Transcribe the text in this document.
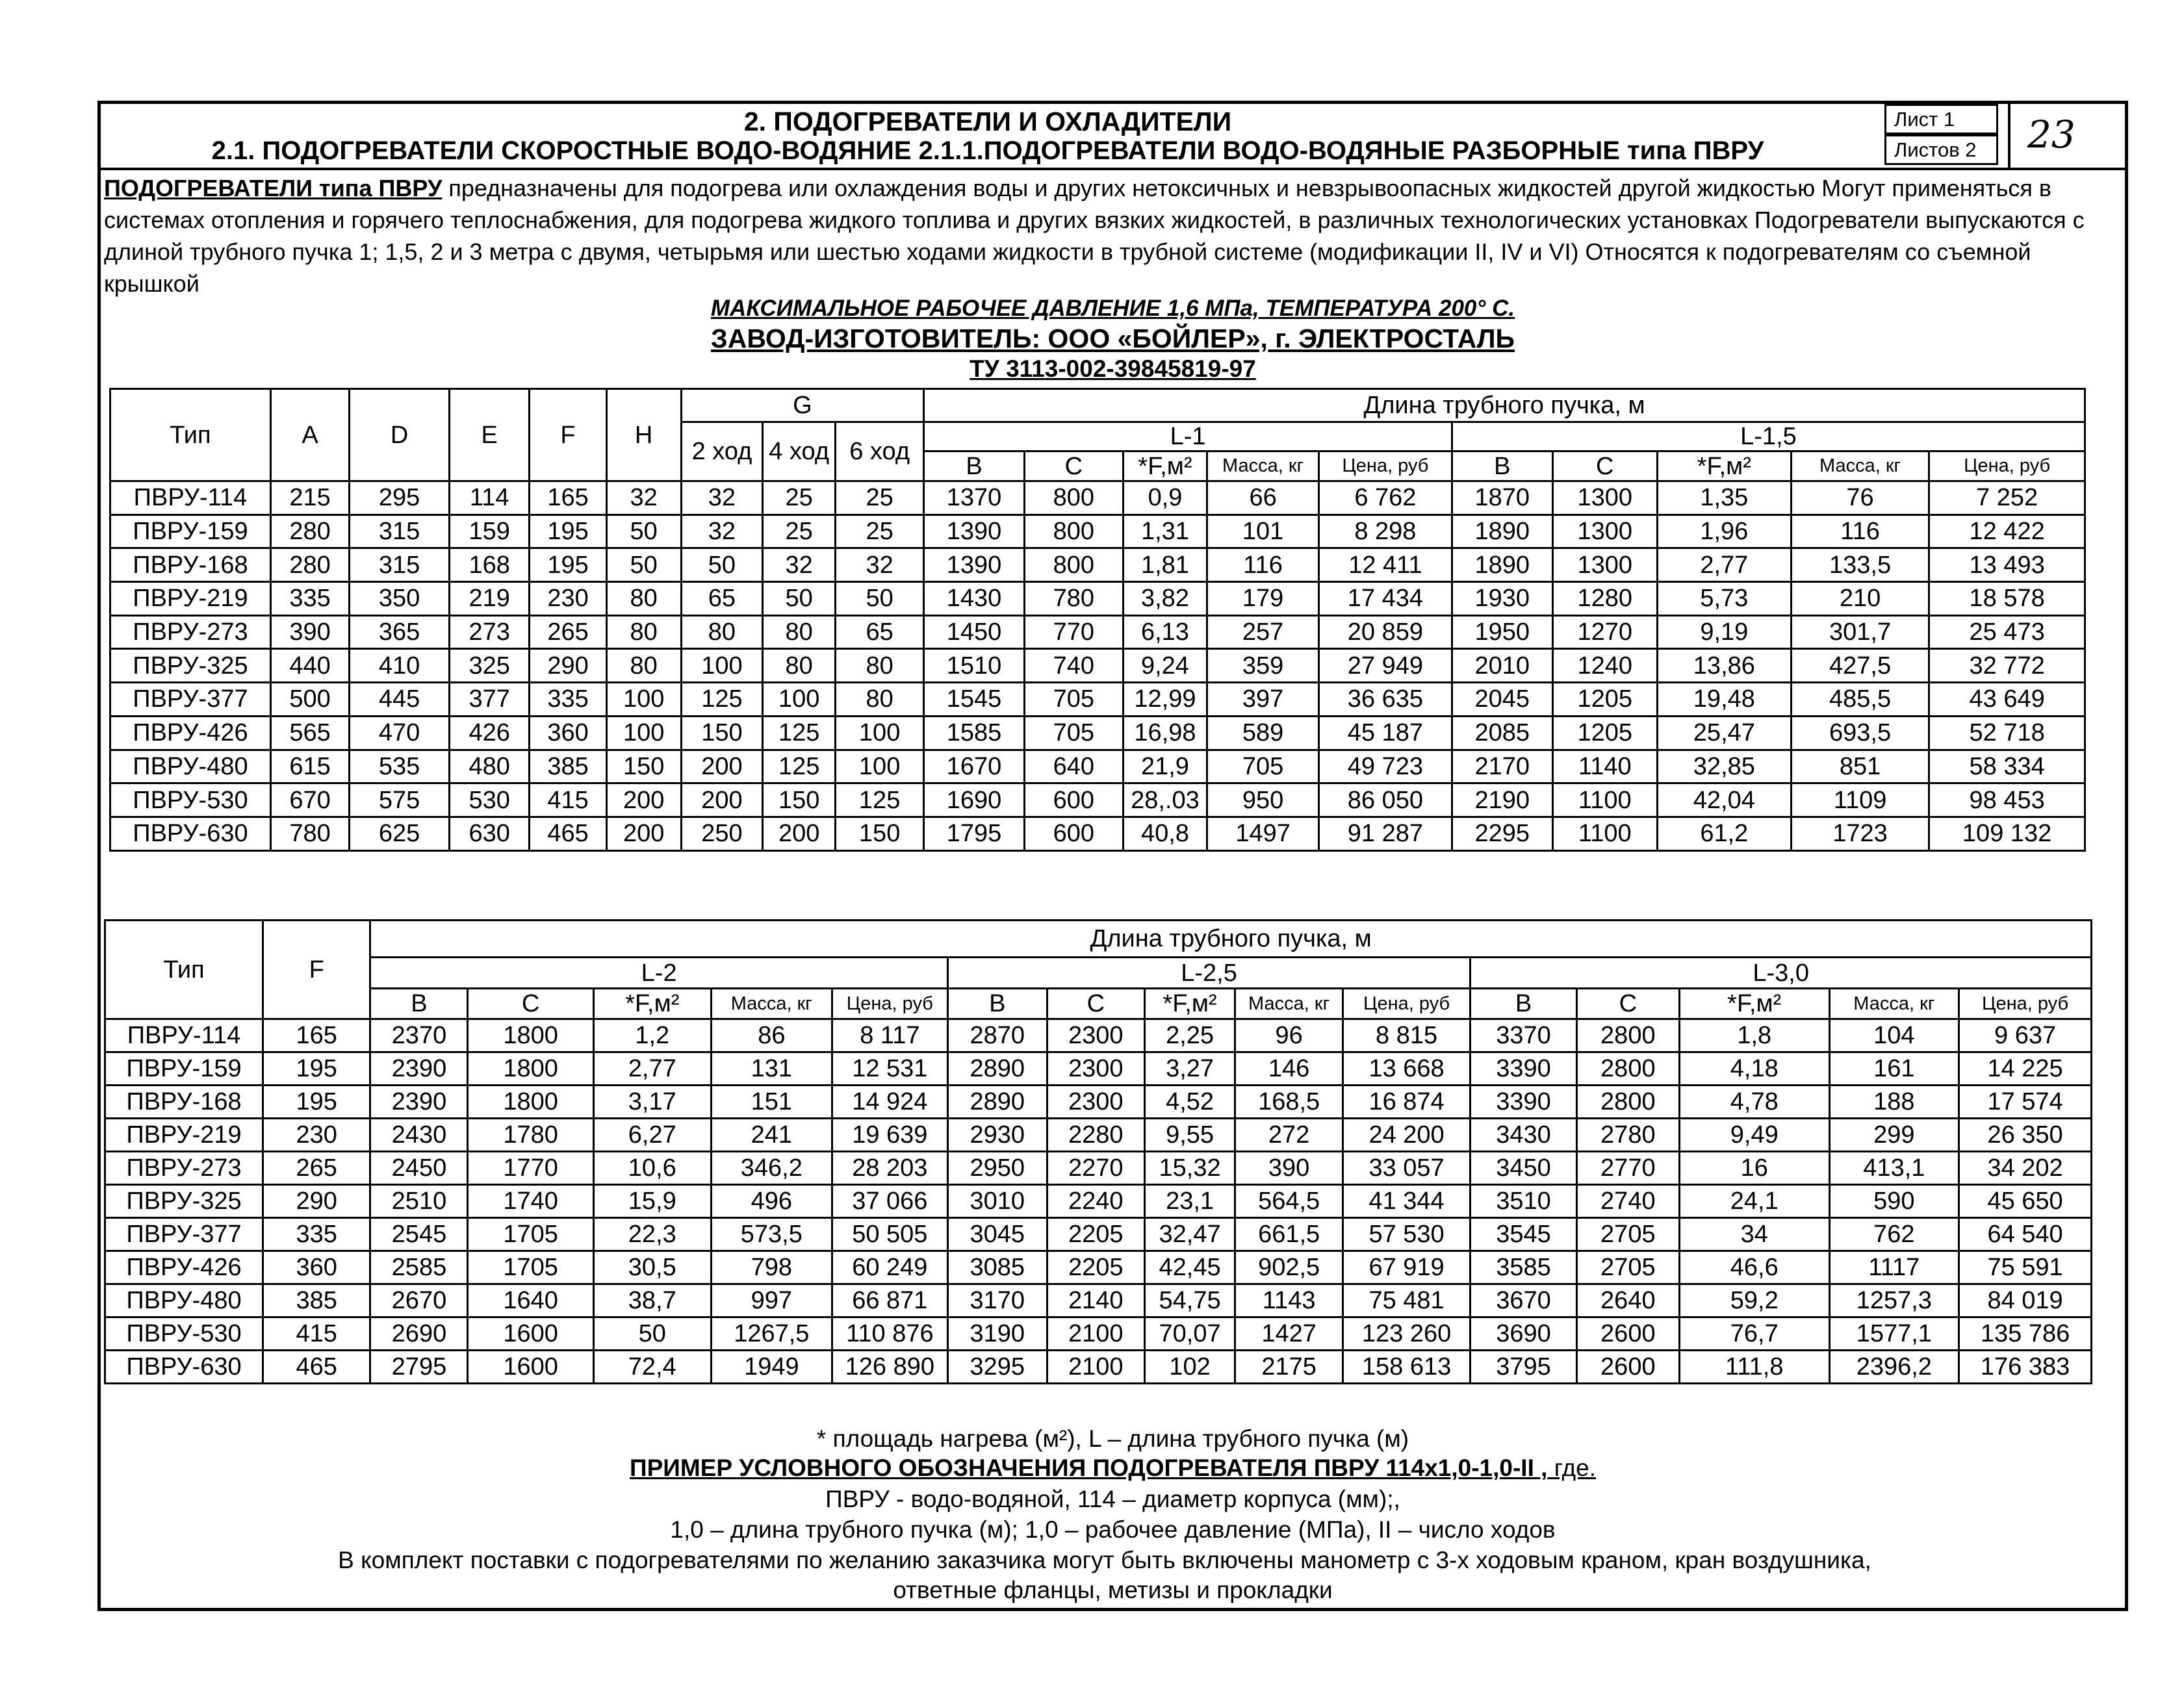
2. ПОДОГРЕВАТЕЛИ И ОХЛАДИТЕЛИ
2.1. ПОДОГРЕВАТЕЛИ СКОРОСТНЫЕ ВОДО-ВОДЯНИЕ 2.1.1.ПОДОГРЕВАТЕЛИ ВОДО-ВОДЯНЫЕ РАЗБОРНЫЕ типа ПВРУ
Лист 1
Листов 2	23
ПОДОГРЕВАТЕЛИ типа ПВРУ предназначены для подогрева или охлаждения воды и других нетоксичных и невзрывоопасных жидкостей другой жидкостью Могут применяться в системах отопления и горячего теплоснабжения, для подогрева жидкого топлива и других вязких жидкостей, в различных технологических установках Подогреватели выпускаются с длиной трубного пучка 1; 1,5, 2 и 3 метра с двумя, четырьмя или шестью ходами жидкости в трубной системе (модификации II, IV и VI) Относятся к подогревателям со съемной крышкой
МАКСИМАЛЬНОЕ РАБОЧЕЕ ДАВЛЕНИЕ 1,6 МПа, ТЕМПЕРАТУРА 200° С.
ЗАВОД-ИЗГОТОВИТЕЛЬ: ООО «БОЙЛЕР», г. ЭЛЕКТРОСТАЛЬ
ТУ 3113-002-39845819-97
Тип	A	D	E	F	H	G			Длина трубного пучка, м									
						2 ход	4 ход	6 ход	L-1					L-1,5				
									B	C	*F,м²	Масса, кг	Цена, руб	B	C	*F,м²	Масса, кг	Цена, руб
ПВРУ-114	215	295	114	165	32	32	25	25	1370	800	0,9	66	6 762	1870	1300	1,35	76	7 252
ПВРУ-159	280	315	159	195	50	32	25	25	1390	800	1,31	101	8 298	1890	1300	1,96	116	12 422
ПВРУ-168	280	315	168	195	50	50	32	32	1390	800	1,81	116	12 411	1890	1300	2,77	133,5	13 493
ПВРУ-219	335	350	219	230	80	65	50	50	1430	780	3,82	179	17 434	1930	1280	5,73	210	18 578
ПВРУ-273	390	365	273	265	80	80	80	65	1450	770	6,13	257	20 859	1950	1270	9,19	301,7	25 473
ПВРУ-325	440	410	325	290	80	100	80	80	1510	740	9,24	359	27 949	2010	1240	13,86	427,5	32 772
ПВРУ-377	500	445	377	335	100	125	100	80	1545	705	12,99	397	36 635	2045	1205	19,48	485,5	43 649
ПВРУ-426	565	470	426	360	100	150	125	100	1585	705	16,98	589	45 187	2085	1205	25,47	693,5	52 718
ПВРУ-480	615	535	480	385	150	200	125	100	1670	640	21,9	705	49 723	2170	1140	32,85	851	58 334
ПВРУ-530	670	575	530	415	200	200	150	125	1690	600	28,.03	950	86 050	2190	1100	42,04	1109	98 453
ПВРУ-630	780	625	630	465	200	250	200	150	1795	600	40,8	1497	91 287	2295	1100	61,2	1723	109 132
Тип	F	Длина трубного пучка, м														
		L-2					L-2,5					L-3,0				
		B	C	*F,м²	Масса, кг	Цена, руб	B	C	*F,м²	Масса, кг	Цена, руб	B	C	*F,м²	Масса, кг	Цена, руб
ПВРУ-114	165	2370	1800	1,2	86	8 117	2870	2300	2,25	96	8 815	3370	2800	1,8	104	9 637
ПВРУ-159	195	2390	1800	2,77	131	12 531	2890	2300	3,27	146	13 668	3390	2800	4,18	161	14 225
ПВРУ-168	195	2390	1800	3,17	151	14 924	2890	2300	4,52	168,5	16 874	3390	2800	4,78	188	17 574
ПВРУ-219	230	2430	1780	6,27	241	19 639	2930	2280	9,55	272	24 200	3430	2780	9,49	299	26 350
ПВРУ-273	265	2450	1770	10,6	346,2	28 203	2950	2270	15,32	390	33 057	3450	2770	16	413,1	34 202
ПВРУ-325	290	2510	1740	15,9	496	37 066	3010	2240	23,1	564,5	41 344	3510	2740	24,1	590	45 650
ПВРУ-377	335	2545	1705	22,3	573,5	50 505	3045	2205	32,47	661,5	57 530	3545	2705	34	762	64 540
ПВРУ-426	360	2585	1705	30,5	798	60 249	3085	2205	42,45	902,5	67 919	3585	2705	46,6	1117	75 591
ПВРУ-480	385	2670	1640	38,7	997	66 871	3170	2140	54,75	1143	75 481	3670	2640	59,2	1257,3	84 019
ПВРУ-530	415	2690	1600	50	1267,5	110 876	3190	2100	70,07	1427	123 260	3690	2600	76,7	1577,1	135 786
ПВРУ-630	465	2795	1600	72,4	1949	126 890	3295	2100	102	2175	158 613	3795	2600	111,8	2396,2	176 383
* площадь нагрева (м²), L – длина трубного пучка (м)
ПРИМЕР УСЛОВНОГО ОБОЗНАЧЕНИЯ ПОДОГРЕВАТЕЛЯ ПВРУ 114х1,0-1,0-II , где.
ПВРУ - водо-водяной, 114 – диаметр корпуса (мм);,
1,0 – длина трубного пучка (м); 1,0 – рабочее давление (МПа), II – число ходов
В комплект поставки с подогревателями по желанию заказчика могут быть включены манометр с 3-х ходовым краном, кран воздушника,
ответные фланцы, метизы и прокладки
